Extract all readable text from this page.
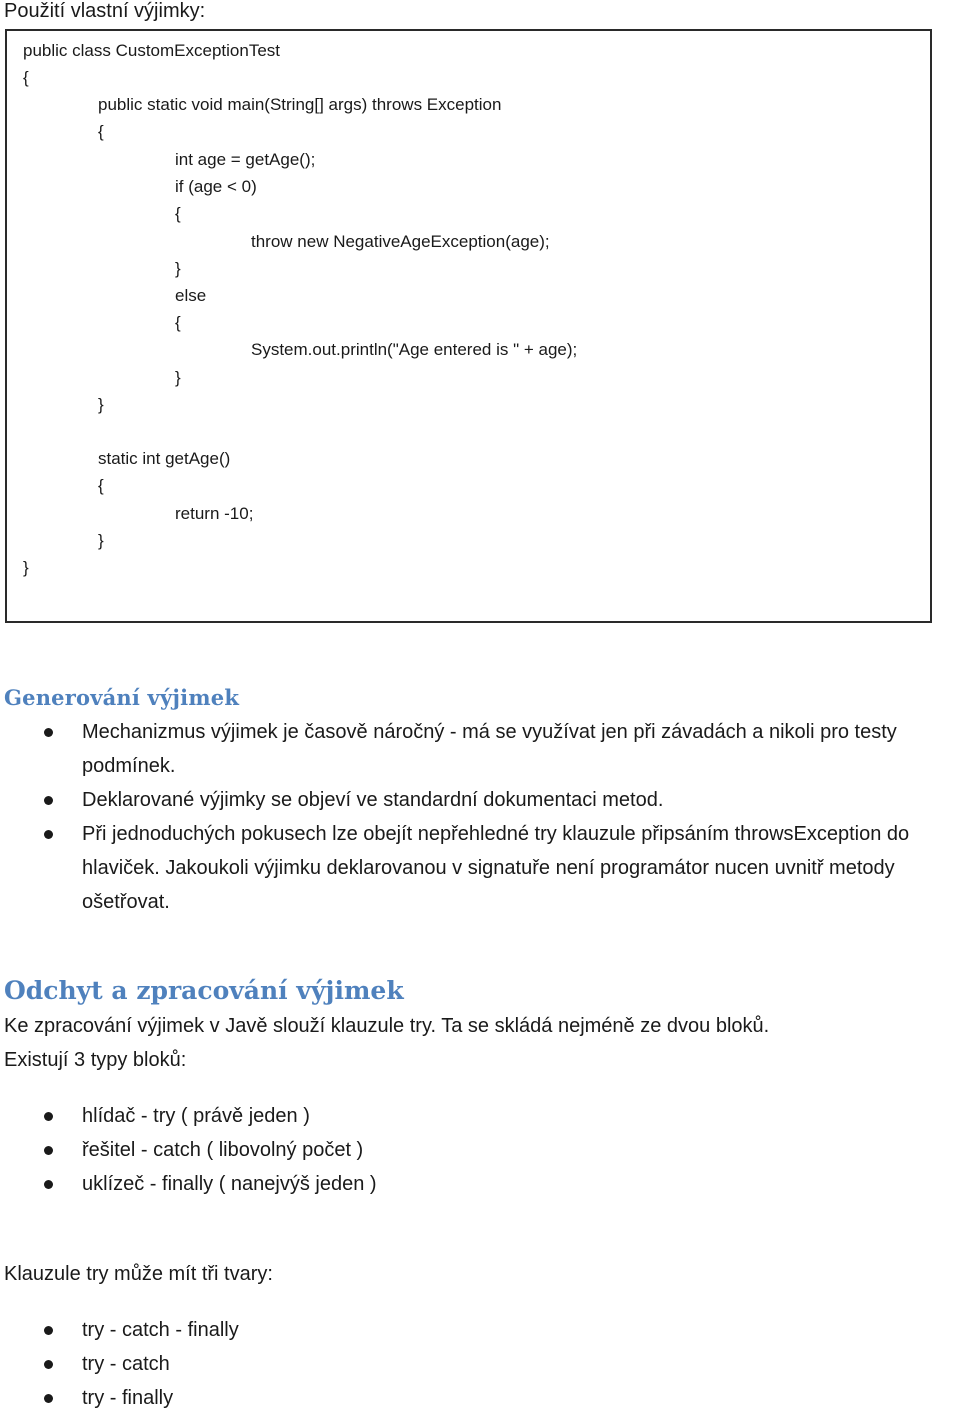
Použití vlastní výjimky:

public class CustomExceptionTest
{
public static void main(String[] args) throws Exception
{
int age = getAge();
if (age < 0)
{
throw new NegativeAgeException(age);
}
else
{
System.out.println("Age entered is " + age);
}
}
static int getAge()
{
return -10;
}
}
Generování výjimek
Mechanizmus výjimek je časově náročný - má se využívat jen při závadách a nikoli pro testy podmínek.
Deklarované výjimky se objeví ve standardní dokumentaci metod.
Při jednoduchých pokusech lze obejít nepřehledné try klauzule připsáním throwsException do hlaviček. Jakoukoli výjimku deklarovanou v signatuře není programátor nucen uvnitř metody ošetřovat.
Odchyt a zpracování výjimek

Ke zpracování výjimek v Javě slouží klauzule try. Ta se skládá nejméně ze dvou bloků.

Existují 3 typy bloků:

hlídač - try ( právě jeden )
řešitel - catch ( libovolný počet )
uklízeč - finally ( nanejvýš jeden )

Klauzule try může mít tři tvary:

try - catch - finally
try - catch
try - finally
